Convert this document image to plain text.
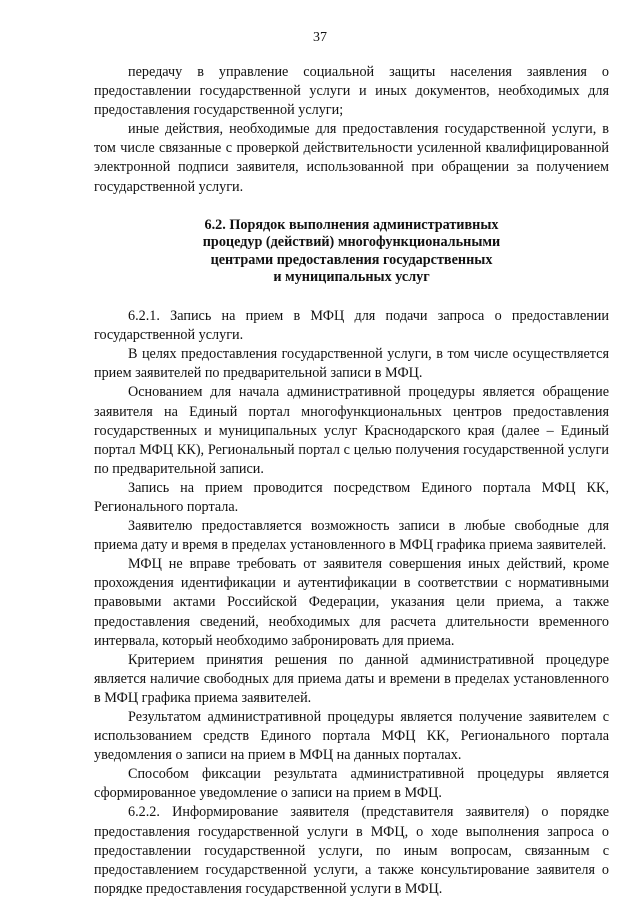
37

передачу в управление социальной защиты населения заявления о предоставлении государственной услуги и иных документов, необходимых для предоставления государственной услуги;

иные действия, необходимые для предоставления государственной услуги, в том числе связанные с проверкой действительности усиленной квалифицированной электронной подписи заявителя, использованной при обращении за получением государственной услуги.

6.2. Порядок выполнения административных
процедур (действий) многофункциональными
центрами предоставления государственных
и муниципальных услуг

6.2.1. Запись на прием в МФЦ для подачи запроса о предоставлении государственной услуги.

В целях предоставления государственной услуги, в том числе осуществляется прием заявителей по предварительной записи в МФЦ.

Основанием для начала административной процедуры является обращение заявителя на Единый портал многофункциональных центров предоставления государственных и муниципальных услуг Краснодарского края (далее – Единый портал МФЦ КК), Региональный портал с целью получения государственной услуги по предварительной записи.

Запись на прием проводится посредством Единого портала МФЦ КК, Регионального портала.

Заявителю предоставляется возможность записи в любые свободные для приема дату и время в пределах установленного в МФЦ графика приема заявителей.

МФЦ не вправе требовать от заявителя совершения иных действий, кроме прохождения идентификации и аутентификации в соответствии с нормативными правовыми актами Российской Федерации, указания цели приема, а также предоставления сведений, необходимых для расчета длительности временного интервала, который необходимо забронировать для приема.

Критерием принятия решения по данной административной процедуре является наличие свободных для приема даты и времени в пределах установленного в МФЦ графика приема заявителей.

Результатом административной процедуры является получение заявителем с использованием средств Единого портала МФЦ КК, Регионального портала уведомления о записи на прием в МФЦ на данных порталах.

Способом фиксации результата административной процедуры является сформированное уведомление о записи на прием в МФЦ.

6.2.2. Информирование заявителя (представителя заявителя) о порядке предоставления государственной услуги в МФЦ, о ходе выполнения запроса о предоставлении государственной услуги, по иным вопросам, связанным с предоставлением государственной услуги, а также консультирование заявителя о порядке предоставления государственной услуги в МФЦ.
